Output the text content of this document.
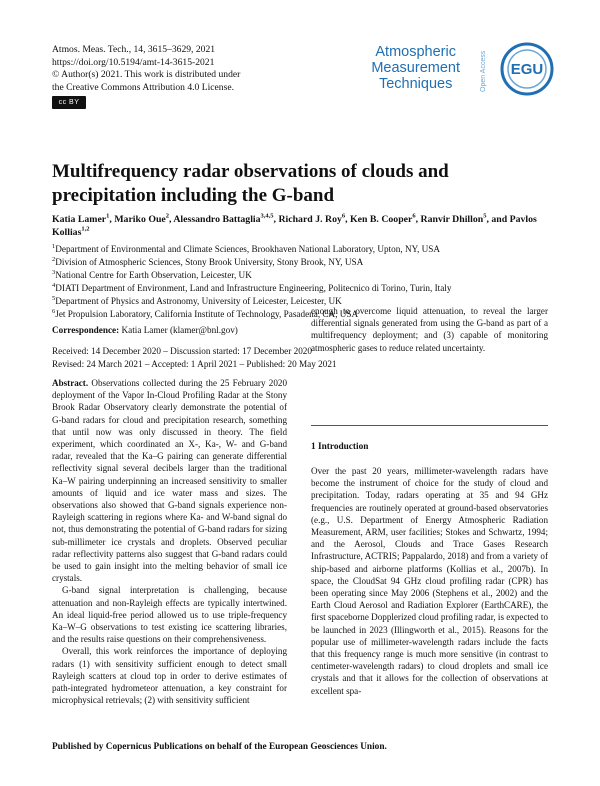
Atmos. Meas. Tech., 14, 3615–3629, 2021
https://doi.org/10.5194/amt-14-3615-2021
© Author(s) 2021. This work is distributed under
the Creative Commons Attribution 4.0 License.
cc BY
Atmospheric
Measurement
Techniques	Open Access	EGU
Multifrequency radar observations of clouds and precipitation including the G-band
Katia Lamer$^1$, Mariko Oue$^2$, Alessandro Battaglia$^{3,4,5}$, Richard J. Roy$^6$, Ken B. Cooper$^6$, Ranvir Dhillon$^5$, and Pavlos Kollias$^{1,2}$
$^1$Department of Environmental and Climate Sciences, Brookhaven National Laboratory, Upton, NY, USA
$^2$Division of Atmospheric Sciences, Stony Brook University, Stony Brook, NY, USA
$^3$National Centre for Earth Observation, Leicester, UK
$^4$DIATI Department of Environment, Land and Infrastructure Engineering, Politecnico di Torino, Turin, Italy
$^5$Department of Physics and Astronomy, University of Leicester, Leicester, UK
$^6$Jet Propulsion Laboratory, California Institute of Technology, Pasadena, CA, USA
Correspondence: Katia Lamer (klamer@bnl.gov)
Received: 14 December 2020 – Discussion started: 17 December 2020
Revised: 24 March 2021 – Accepted: 1 April 2021 – Published: 20 May 2021

Abstract. Observations collected during the 25 February 2020 deployment of the Vapor In-Cloud Profiling Radar at the Stony Brook Radar Observatory clearly demonstrate the potential of G-band radars for cloud and precipitation research, something that until now was only discussed in theory. The field experiment, which coordinated an X-, Ka-, W- and G-band radar, revealed that the Ka–G pairing can generate differential reflectivity signal several decibels larger than the traditional Ka–W pairing underpinning an increased sensitivity to smaller amounts of liquid and ice water mass and sizes. The observations also showed that G-band signals experience non-Rayleigh scattering in regions where Ka- and W-band signal do not, thus demonstrating the potential of G-band radars for sizing sub-millimeter ice crystals and droplets. Observed peculiar radar reflectivity patterns also suggest that G-band radars could be used to gain insight into the melting behavior of small ice crystals.

G-band signal interpretation is challenging, because attenuation and non-Rayleigh effects are typically intertwined. An ideal liquid-free period allowed us to use triple-frequency Ka–W–G observations to test existing ice scattering libraries, and the results raise questions on their comprehensiveness.

Overall, this work reinforces the importance of deploying radars (1) with sensitivity sufficient enough to detect small Rayleigh scatters at cloud top in order to derive estimates of path-integrated hydrometeor attenuation, a key constraint for microphysical retrievals; (2) with sensitivity sufficient

enough to overcome liquid attenuation, to reveal the larger differential signals generated from using the G-band as part of a multifrequency deployment; and (3) capable of monitoring atmospheric gases to reduce related uncertainty.

1 Introduction

Over the past 20 years, millimeter-wavelength radars have become the instrument of choice for the study of cloud and precipitation. Today, radars operating at 35 and 94 GHz frequencies are routinely operated at ground-based observatories (e.g., U.S. Department of Energy Atmospheric Radiation Measurement, ARM, user facilities; Stokes and Schwartz, 1994; and the Aerosol, Clouds and Trace Gases Research Infrastructure, ACTRIS; Pappalardo, 2018) and from a variety of ship-based and airborne platforms (Kollias et al., 2007b). In space, the CloudSat 94 GHz cloud profiling radar (CPR) has been operating since May 2006 (Stephens et al., 2002) and the Earth Cloud Aerosol and Radiation Explorer (EarthCARE), the first spaceborne Dopplerized cloud profiling radar, is expected to be launched in 2023 (Illingworth et al., 2015). Reasons for the popular use of millimeter-wavelength radars include the facts that this frequency range is much more sensitive (in contrast to centimeter-wavelength radars) to cloud droplets and small ice crystals and that it allows for the collection of observations at excellent spa-

Published by Copernicus Publications on behalf of the European Geosciences Union.
